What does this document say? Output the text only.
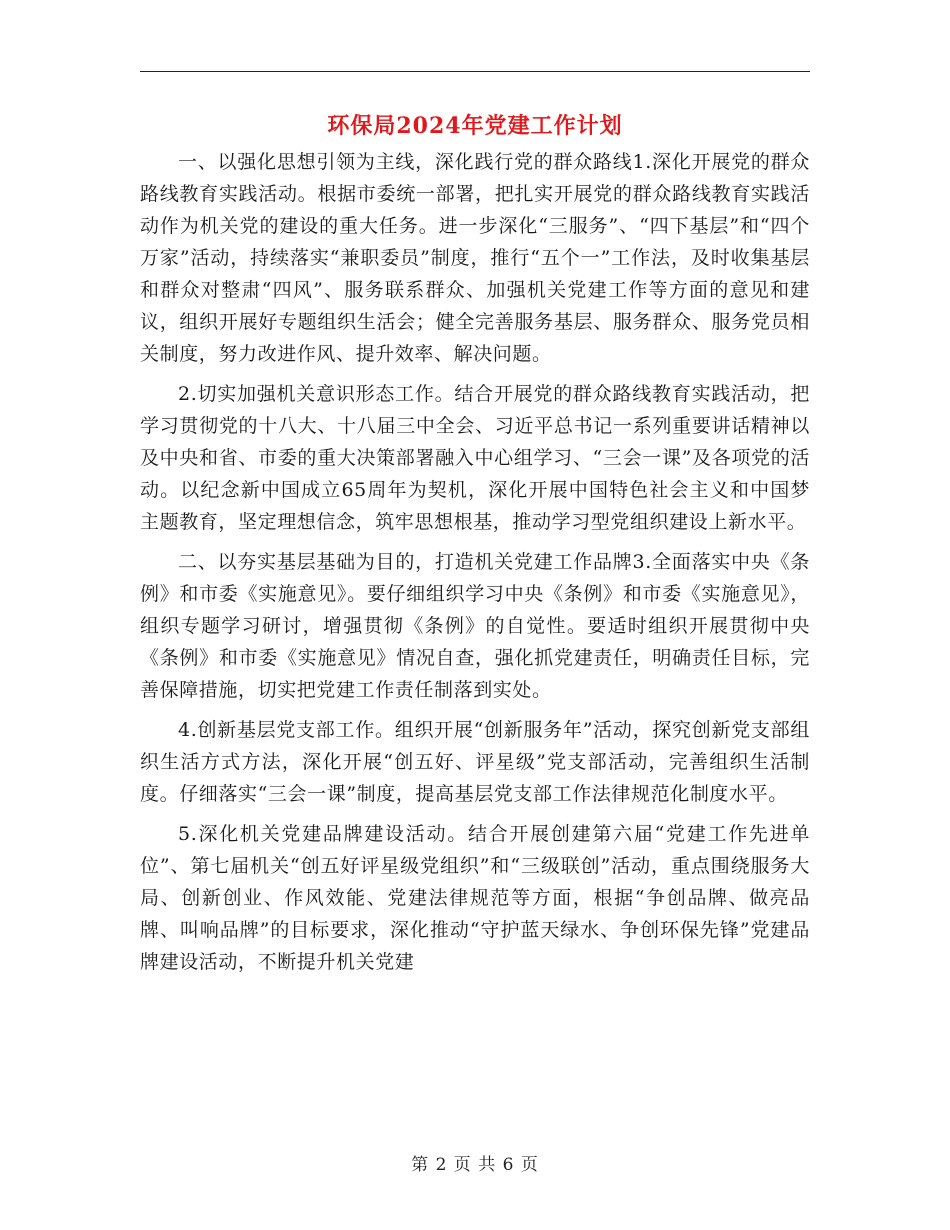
环保局2024年党建工作计划

一、以强化思想引领为主线，深化践行党的群众路线1.深化开展党的群众路线教育实践活动。根据市委统一部署，把扎实开展党的群众路线教育实践活动作为机关党的建设的重大任务。进一步深化“三服务”、“四下基层”和“四个万家”活动，持续落实“兼职委员”制度，推行“五个一”工作法，及时收集基层和群众对整肃“四风”、服务联系群众、加强机关党建工作等方面的意见和建议，组织开展好专题组织生活会；健全完善服务基层、服务群众、服务党员相关制度，努力改进作风、提升效率、解决问题。

2.切实加强机关意识形态工作。结合开展党的群众路线教育实践活动，把学习贯彻党的十八大、十八届三中全会、习近平总书记一系列重要讲话精神以及中央和省、市委的重大决策部署融入中心组学习、“三会一课”及各项党的活动。以纪念新中国成立65周年为契机，深化开展中国特色社会主义和中国梦主题教育，坚定理想信念，筑牢思想根基，推动学习型党组织建设上新水平。

二、以夯实基层基础为目的，打造机关党建工作品牌3.全面落实中央《条例》和市委《实施意见》。要仔细组织学习中央《条例》和市委《实施意见》，组织专题学习研讨，增强贯彻《条例》的自觉性。要适时组织开展贯彻中央《条例》和市委《实施意见》情况自查，强化抓党建责任，明确责任目标，完善保障措施，切实把党建工作责任制落到实处。

4.创新基层党支部工作。组织开展“创新服务年”活动，探究创新党支部组织生活方式方法，深化开展“创五好、评星级”党支部活动，完善组织生活制度。仔细落实“三会一课”制度，提高基层党支部工作法律规范化制度水平。

5.深化机关党建品牌建设活动。结合开展创建第六届“党建工作先进单位”、第七届机关“创五好评星级党组织”和“三级联创”活动，重点围绕服务大局、创新创业、作风效能、党建法律规范等方面，根据“争创品牌、做亮品牌、叫响品牌”的目标要求，深化推动“守护蓝天绿水、争创环保先锋”党建品牌建设活动，不断提升机关党建

第 2 页 共 6 页
